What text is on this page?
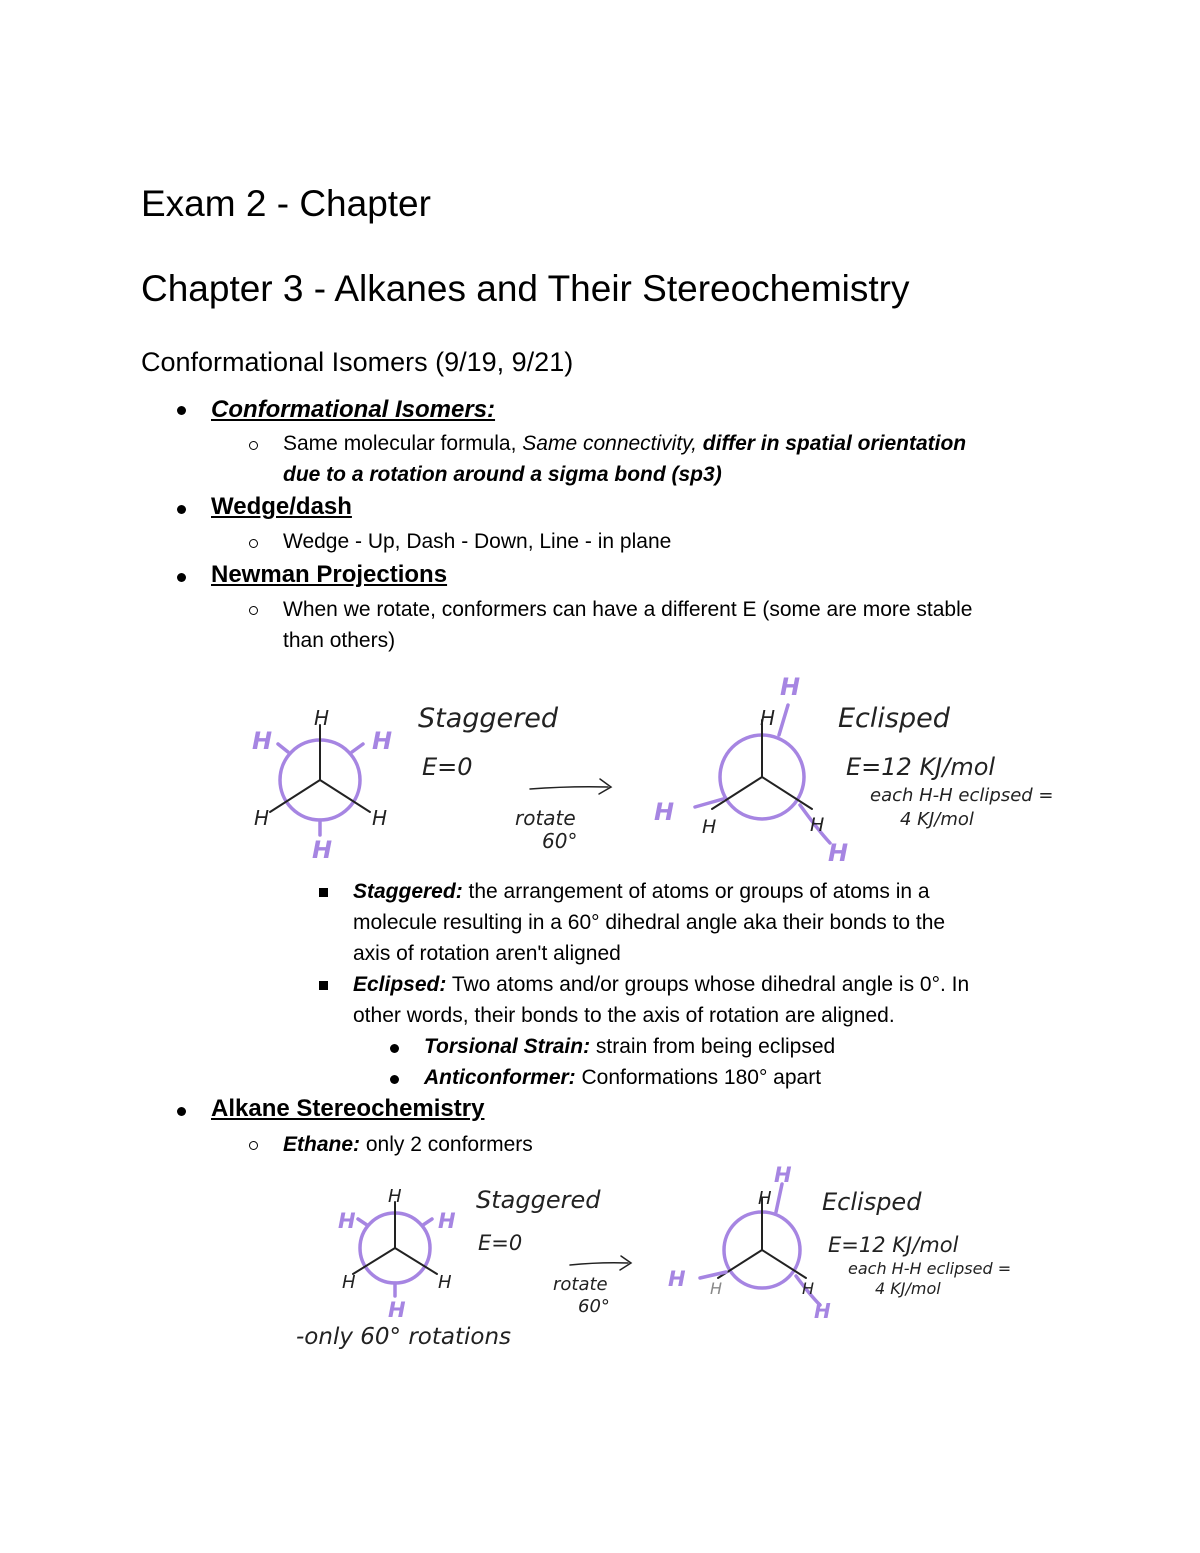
Exam 2 - Chapter
Chapter 3 - Alkanes and Their Stereochemistry
Conformational Isomers (9/19, 9/21)
Conformational Isomers:
Same molecular formula, Same connectivity, differ in spatial orientation
due to a rotation around a sigma bond (sp3)
Wedge/dash
Wedge - Up, Dash - Down, Line - in plane
Newman Projections
When we rotate, conformers can have a different E (some are more stable
than others)
H
H	H
H	H
H
Staggered
E=0
rotate
60°
H
H
H
H	H
H
Eclisped
E=12 KJ/mol
each H-H eclipsed =
4 KJ/mol
Staggered: the arrangement of atoms or groups of atoms in a
molecule resulting in a 60° dihedral angle aka their bonds to the
axis of rotation aren't aligned
Eclipsed: Two atoms and/or groups whose dihedral angle is 0°. In
other words, their bonds to the axis of rotation are aligned.
Torsional Strain: strain from being eclipsed
Anticonformer: Conformations 180° apart
Alkane Stereochemistry
Ethane: only 2 conformers
H
H	H
H	H
H
Staggered
E=0
rotate
60°
H
H
H H	H
H
Eclisped
E=12 KJ/mol
each H-H eclipsed =
4 KJ/mol
-only 60° rotations
